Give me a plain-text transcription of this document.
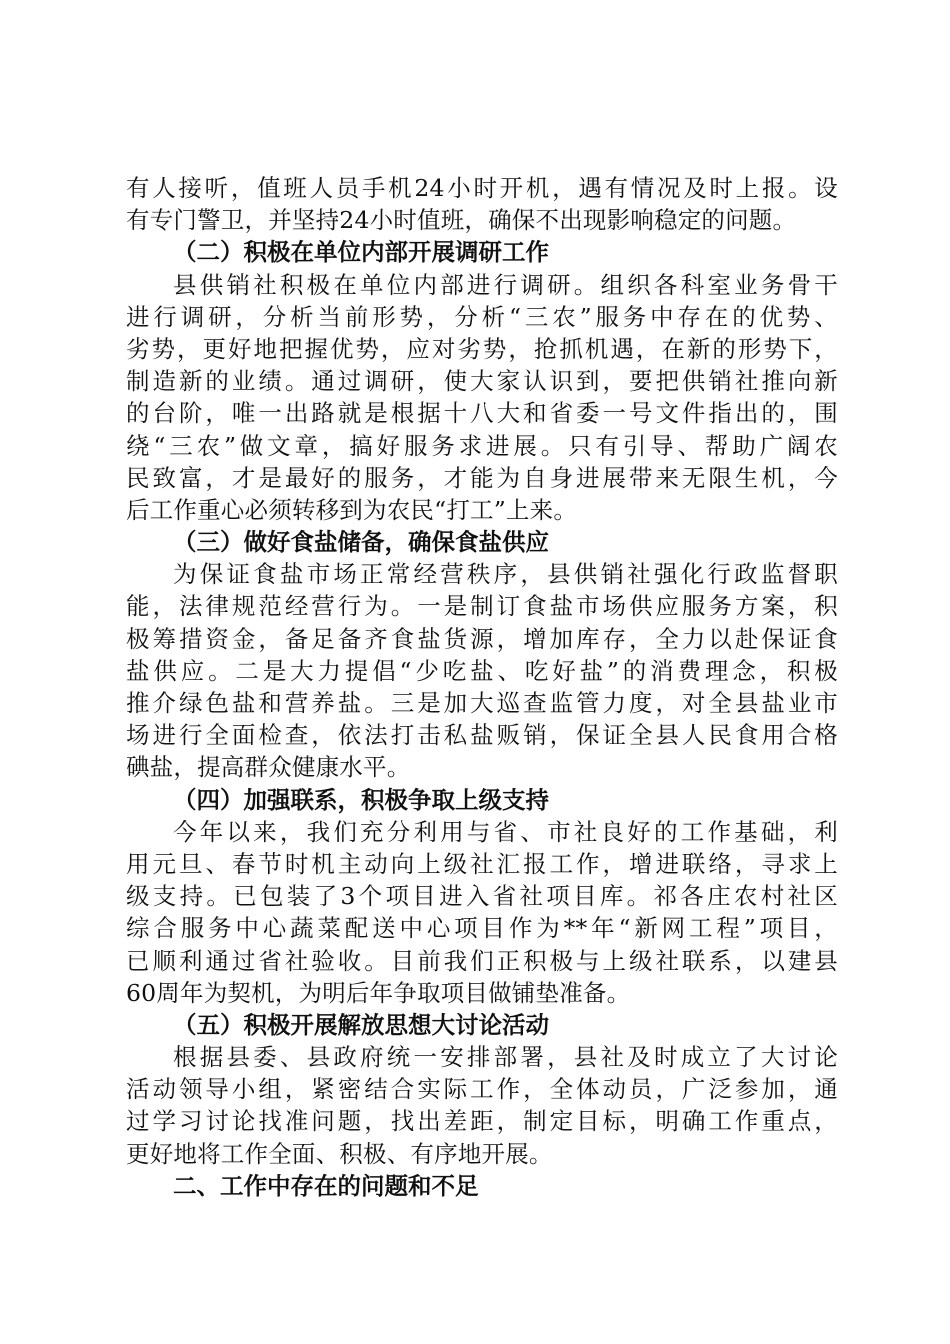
有人接听，值班人员手机24小时开机，遇有情况及时上报。设
有专门警卫，并坚持24小时值班，确保不出现影响稳定的问题。
（二）积极在单位内部开展调研工作
县供销社积极在单位内部进行调研。组织各科室业务骨干
进行调研，分析当前形势，分析“三农”服务中存在的优势、
劣势，更好地把握优势，应对劣势，抢抓机遇，在新的形势下，
制造新的业绩。通过调研，使大家认识到，要把供销社推向新
的台阶，唯一出路就是根据十八大和省委一号文件指出的，围
绕“三农”做文章，搞好服务求进展。只有引导、帮助广阔农
民致富，才是最好的服务，才能为自身进展带来无限生机，今
后工作重心必须转移到为农民“打工”上来。
（三）做好食盐储备，确保食盐供应
为保证食盐市场正常经营秩序，县供销社强化行政监督职
能，法律规范经营行为。一是制订食盐市场供应服务方案，积
极筹措资金，备足备齐食盐货源，增加库存，全力以赴保证食
盐供应。二是大力提倡“少吃盐、吃好盐”的消费理念，积极
推介绿色盐和营养盐。三是加大巡查监管力度，对全县盐业市
场进行全面检查，依法打击私盐贩销，保证全县人民食用合格
碘盐，提高群众健康水平。
（四）加强联系，积极争取上级支持
今年以来，我们充分利用与省、市社良好的工作基础，利
用元旦、春节时机主动向上级社汇报工作，增进联络，寻求上
级支持。已包装了3个项目进入省社项目库。祁各庄农村社区
综合服务中心蔬菜配送中心项目作为**年“新网工程”项目，
已顺利通过省社验收。目前我们正积极与上级社联系，以建县
60周年为契机，为明后年争取项目做铺垫准备。
（五）积极开展解放思想大讨论活动
根据县委、县政府统一安排部署，县社及时成立了大讨论
活动领导小组，紧密结合实际工作，全体动员，广泛参加，通
过学习讨论找准问题，找出差距，制定目标，明确工作重点，
更好地将工作全面、积极、有序地开展。
二、工作中存在的问题和不足
